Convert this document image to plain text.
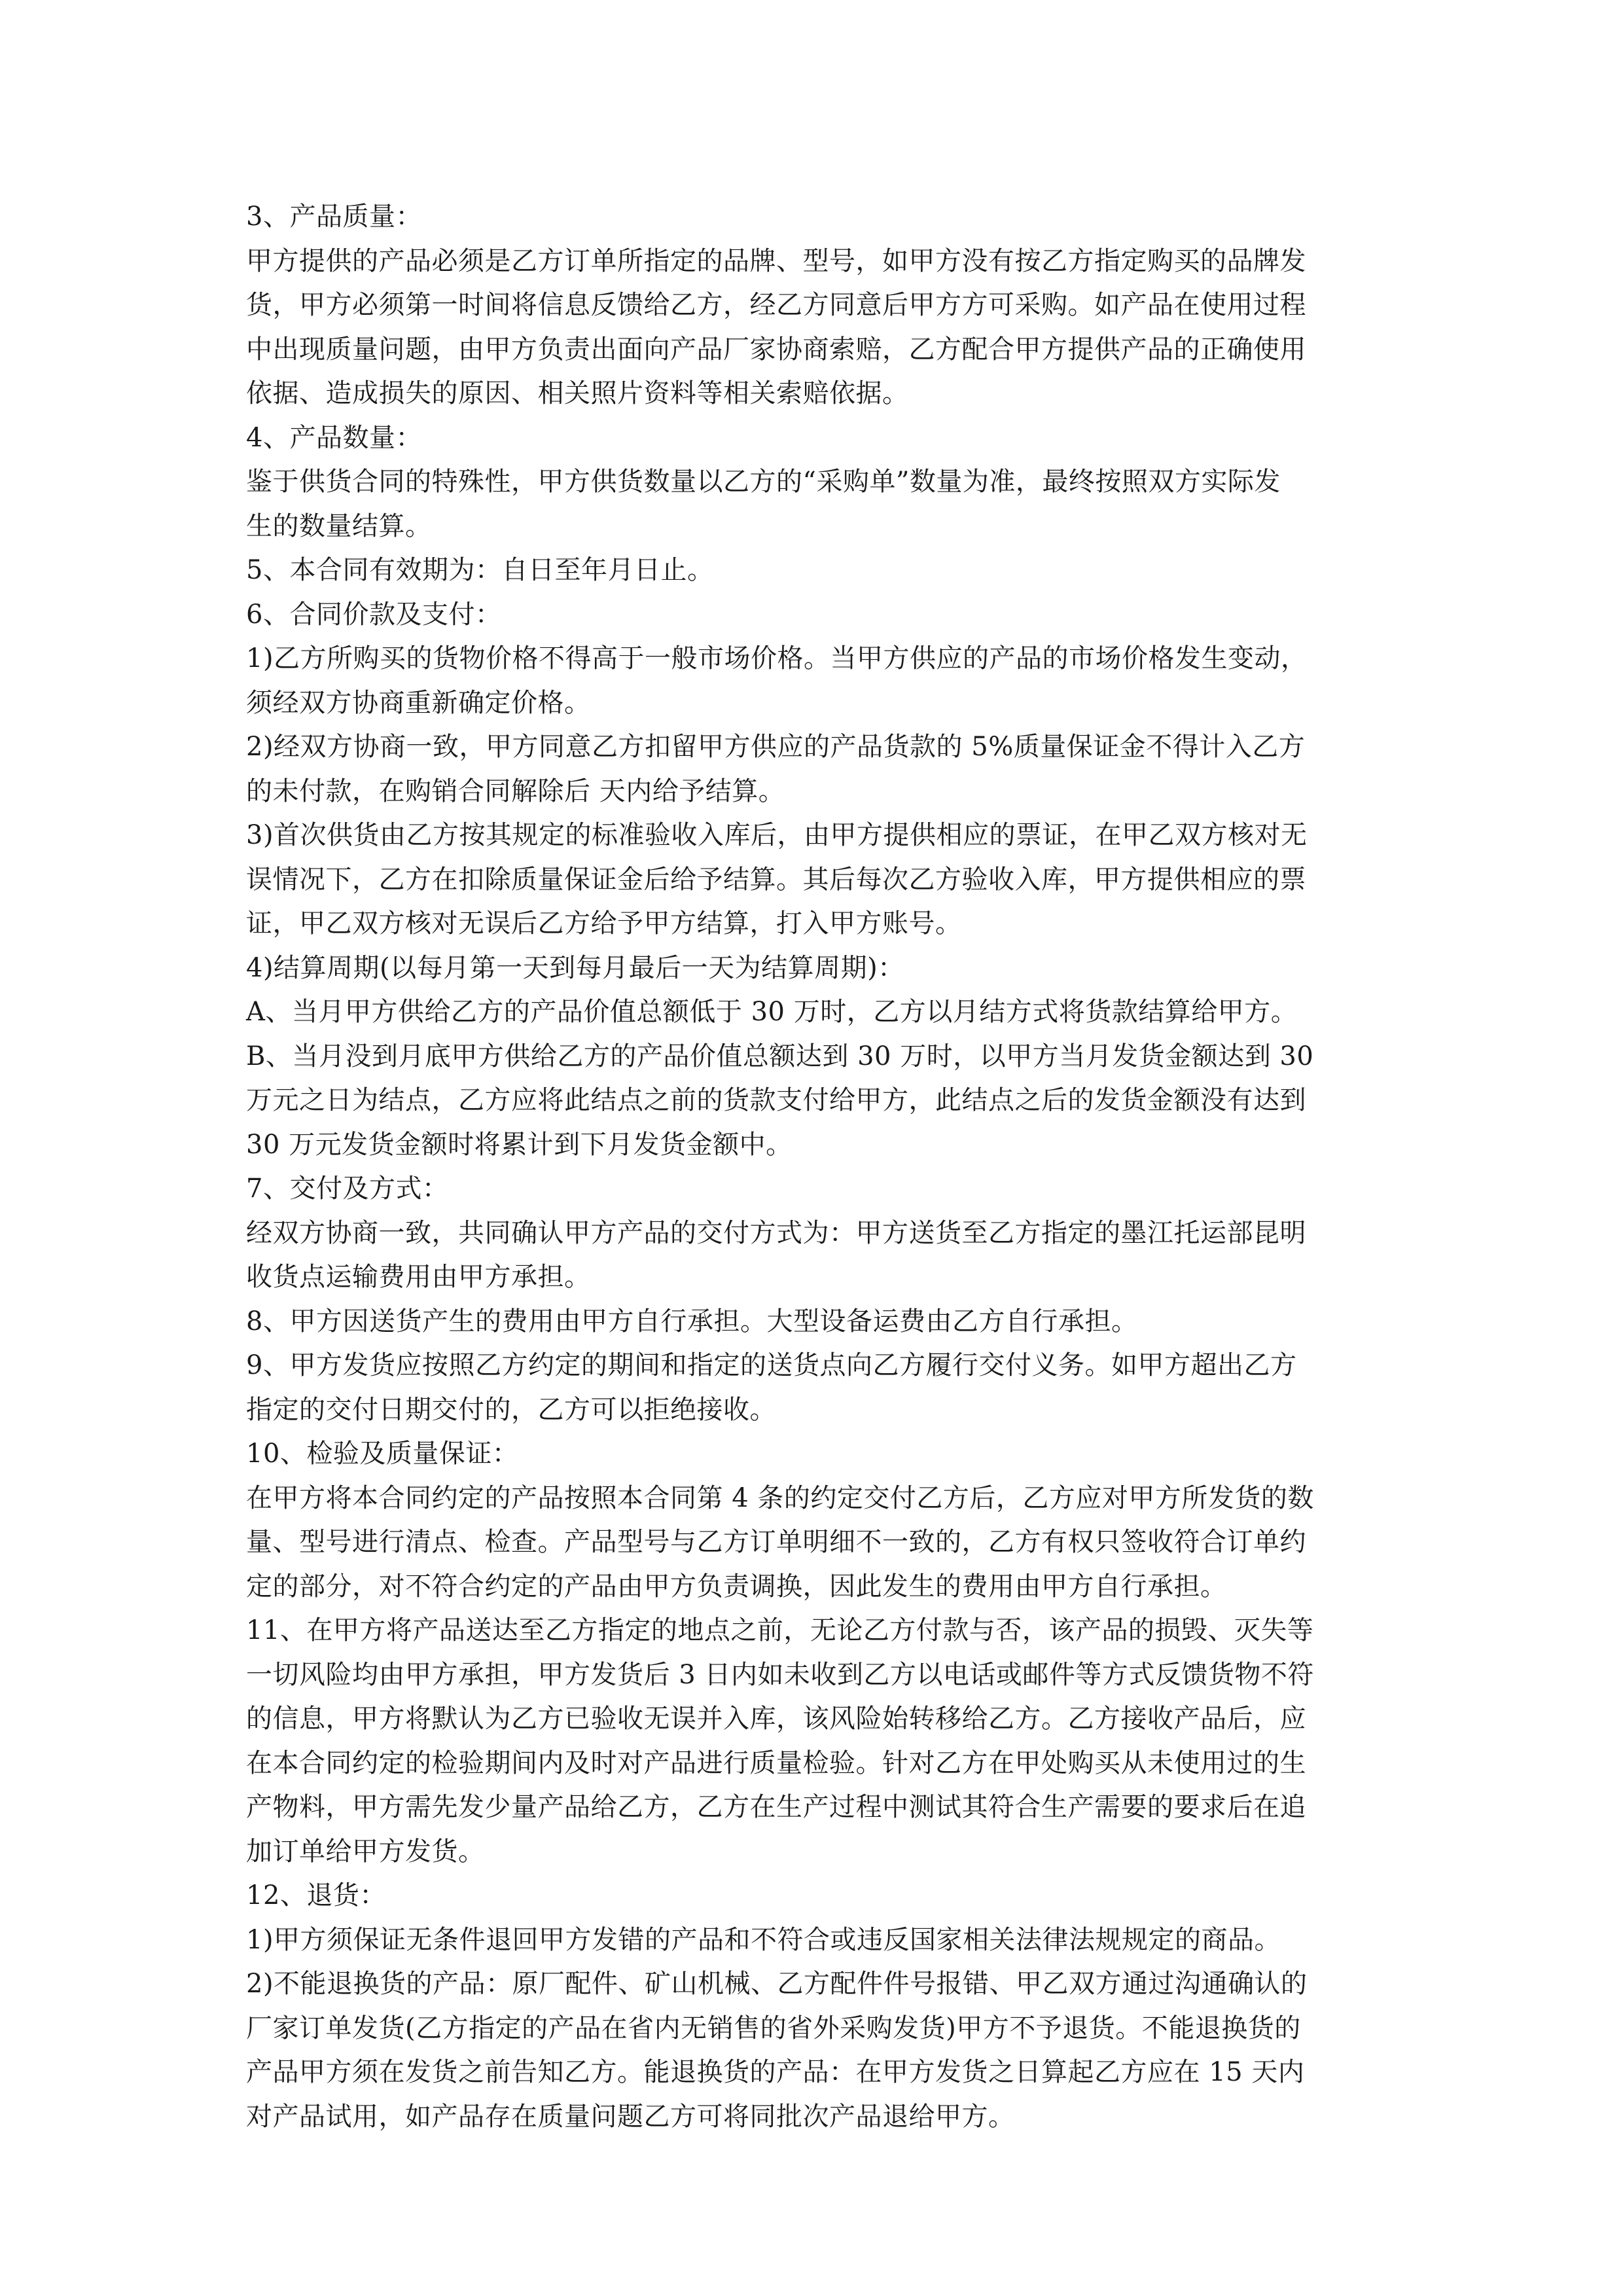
3、产品质量：
甲方提供的产品必须是乙方订单所指定的品牌、型号，如甲方没有按乙方指定购买的品牌发
货，甲方必须第一时间将信息反馈给乙方，经乙方同意后甲方方可采购。如产品在使用过程
中出现质量问题，由甲方负责出面向产品厂家协商索赔，乙方配合甲方提供产品的正确使用
依据、造成损失的原因、相关照片资料等相关索赔依据。
4、产品数量：
鉴于供货合同的特殊性，甲方供货数量以乙方的“采购单”数量为准，最终按照双方实际发
生的数量结算。
5、本合同有效期为：自日至年月日止。
6、合同价款及支付：
1)乙方所购买的货物价格不得高于一般市场价格。当甲方供应的产品的市场价格发生变动，
须经双方协商重新确定价格。
2)经双方协商一致，甲方同意乙方扣留甲方供应的产品货款的 5%质量保证金不得计入乙方
的未付款，在购销合同解除后 天内给予结算。
3)首次供货由乙方按其规定的标准验收入库后，由甲方提供相应的票证，在甲乙双方核对无
误情况下，乙方在扣除质量保证金后给予结算。其后每次乙方验收入库，甲方提供相应的票
证，甲乙双方核对无误后乙方给予甲方结算，打入甲方账号。
4)结算周期(以每月第一天到每月最后一天为结算周期)：
A、当月甲方供给乙方的产品价值总额低于 30 万时，乙方以月结方式将货款结算给甲方。
B、当月没到月底甲方供给乙方的产品价值总额达到 30 万时，以甲方当月发货金额达到 30
万元之日为结点，乙方应将此结点之前的货款支付给甲方，此结点之后的发货金额没有达到
30 万元发货金额时将累计到下月发货金额中。
7、交付及方式：
经双方协商一致，共同确认甲方产品的交付方式为：甲方送货至乙方指定的墨江托运部昆明
收货点运输费用由甲方承担。
8、甲方因送货产生的费用由甲方自行承担。大型设备运费由乙方自行承担。
9、甲方发货应按照乙方约定的期间和指定的送货点向乙方履行交付义务。如甲方超出乙方
指定的交付日期交付的，乙方可以拒绝接收。
10、检验及质量保证：
在甲方将本合同约定的产品按照本合同第 4 条的约定交付乙方后，乙方应对甲方所发货的数
量、型号进行清点、检查。产品型号与乙方订单明细不一致的，乙方有权只签收符合订单约
定的部分，对不符合约定的产品由甲方负责调换，因此发生的费用由甲方自行承担。
11、在甲方将产品送达至乙方指定的地点之前，无论乙方付款与否，该产品的损毁、灭失等
一切风险均由甲方承担，甲方发货后 3 日内如未收到乙方以电话或邮件等方式反馈货物不符
的信息，甲方将默认为乙方已验收无误并入库，该风险始转移给乙方。乙方接收产品后，应
在本合同约定的检验期间内及时对产品进行质量检验。针对乙方在甲处购买从未使用过的生
产物料，甲方需先发少量产品给乙方，乙方在生产过程中测试其符合生产需要的要求后在追
加订单给甲方发货。
12、退货：
1)甲方须保证无条件退回甲方发错的产品和不符合或违反国家相关法律法规规定的商品。
2)不能退换货的产品：原厂配件、矿山机械、乙方配件件号报错、甲乙双方通过沟通确认的
厂家订单发货(乙方指定的产品在省内无销售的省外采购发货)甲方不予退货。不能退换货的
产品甲方须在发货之前告知乙方。能退换货的产品：在甲方发货之日算起乙方应在 15 天内
对产品试用，如产品存在质量问题乙方可将同批次产品退给甲方。
